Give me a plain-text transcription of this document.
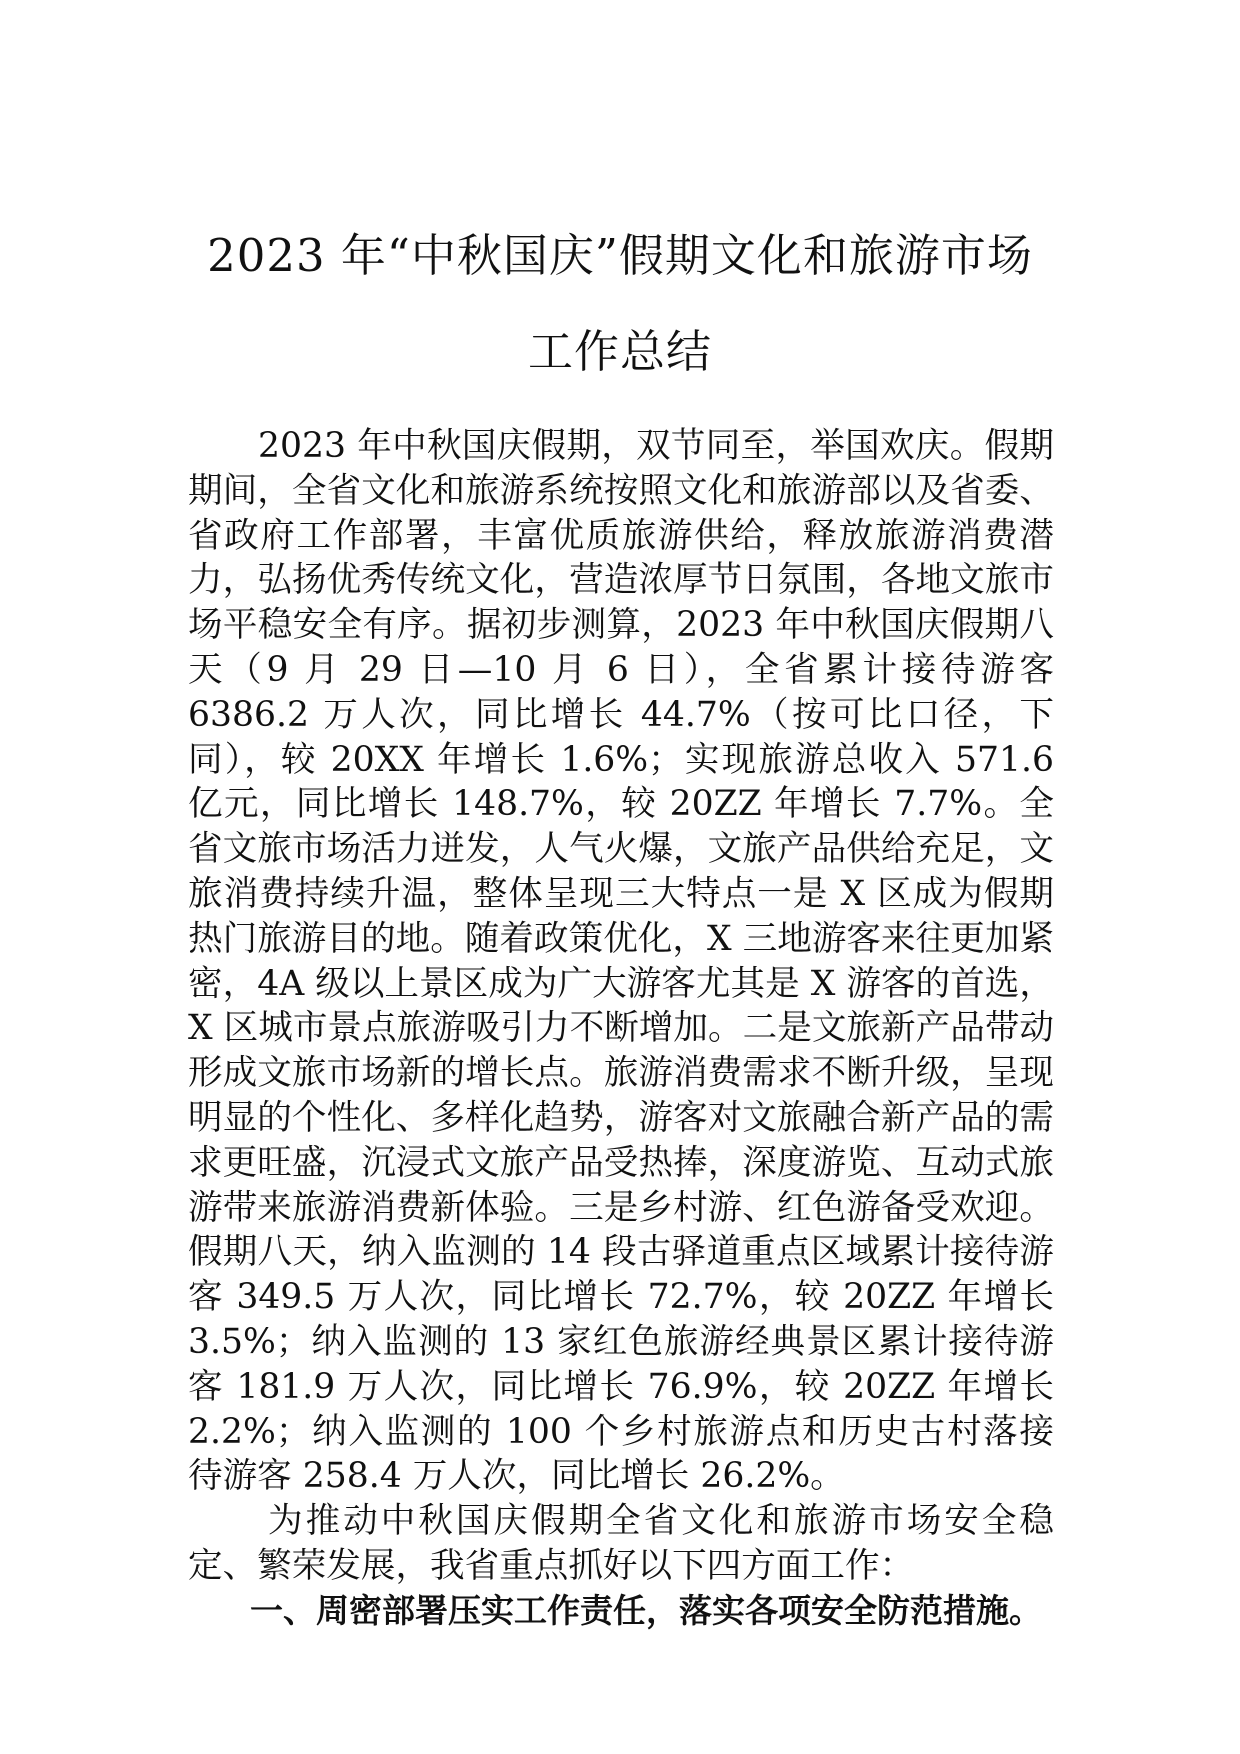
2023 年“中秋国庆”假期文化和旅游市场
工作总结

2023 年中秋国庆假期，双节同至，举国欢庆。假期期间，全省文化和旅游系统按照文化和旅游部以及省委、省政府工作部署，丰富优质旅游供给，释放旅游消费潜力，弘扬优秀传统文化，营造浓厚节日氛围，各地文旅市场平稳安全有序。据初步测算，2023 年中秋国庆假期八天（9 月 29 日—10 月 6 日），全省累计接待游客 6386.2 万人次，同比增长 44.7%（按可比口径，下同），较 20XX 年增长 1.6%；实现旅游总收入 571.6 亿元，同比增长 148.7%，较 20ZZ 年增长 7.7%。全省文旅市场活力迸发，人气火爆，文旅产品供给充足，文旅消费持续升温，整体呈现三大特点一是 X 区成为假期热门旅游目的地。随着政策优化，X 三地游客来往更加紧密，4A 级以上景区成为广大游客尤其是 X 游客的首选，X 区城市景点旅游吸引力不断增加。二是文旅新产品带动形成文旅市场新的增长点。旅游消费需求不断升级，呈现明显的个性化、多样化趋势，游客对文旅融合新产品的需求更旺盛，沉浸式文旅产品受热捧，深度游览、互动式旅游带来旅游消费新体验。三是乡村游、红色游备受欢迎。假期八天，纳入监测的 14 段古驿道重点区域累计接待游客 349.5 万人次，同比增长 72.7%，较 20ZZ 年增长 3.5%；纳入监测的 13 家红色旅游经典景区累计接待游客 181.9 万人次，同比增长 76.9%，较 20ZZ 年增长 2.2%；纳入监测的 100 个乡村旅游点和历史古村落接待游客 258.4 万人次，同比增长 26.2%。

为推动中秋国庆假期全省文化和旅游市场安全稳定、繁荣发展，我省重点抓好以下四方面工作：

一、周密部署压实工作责任，落实各项安全防范措施。
